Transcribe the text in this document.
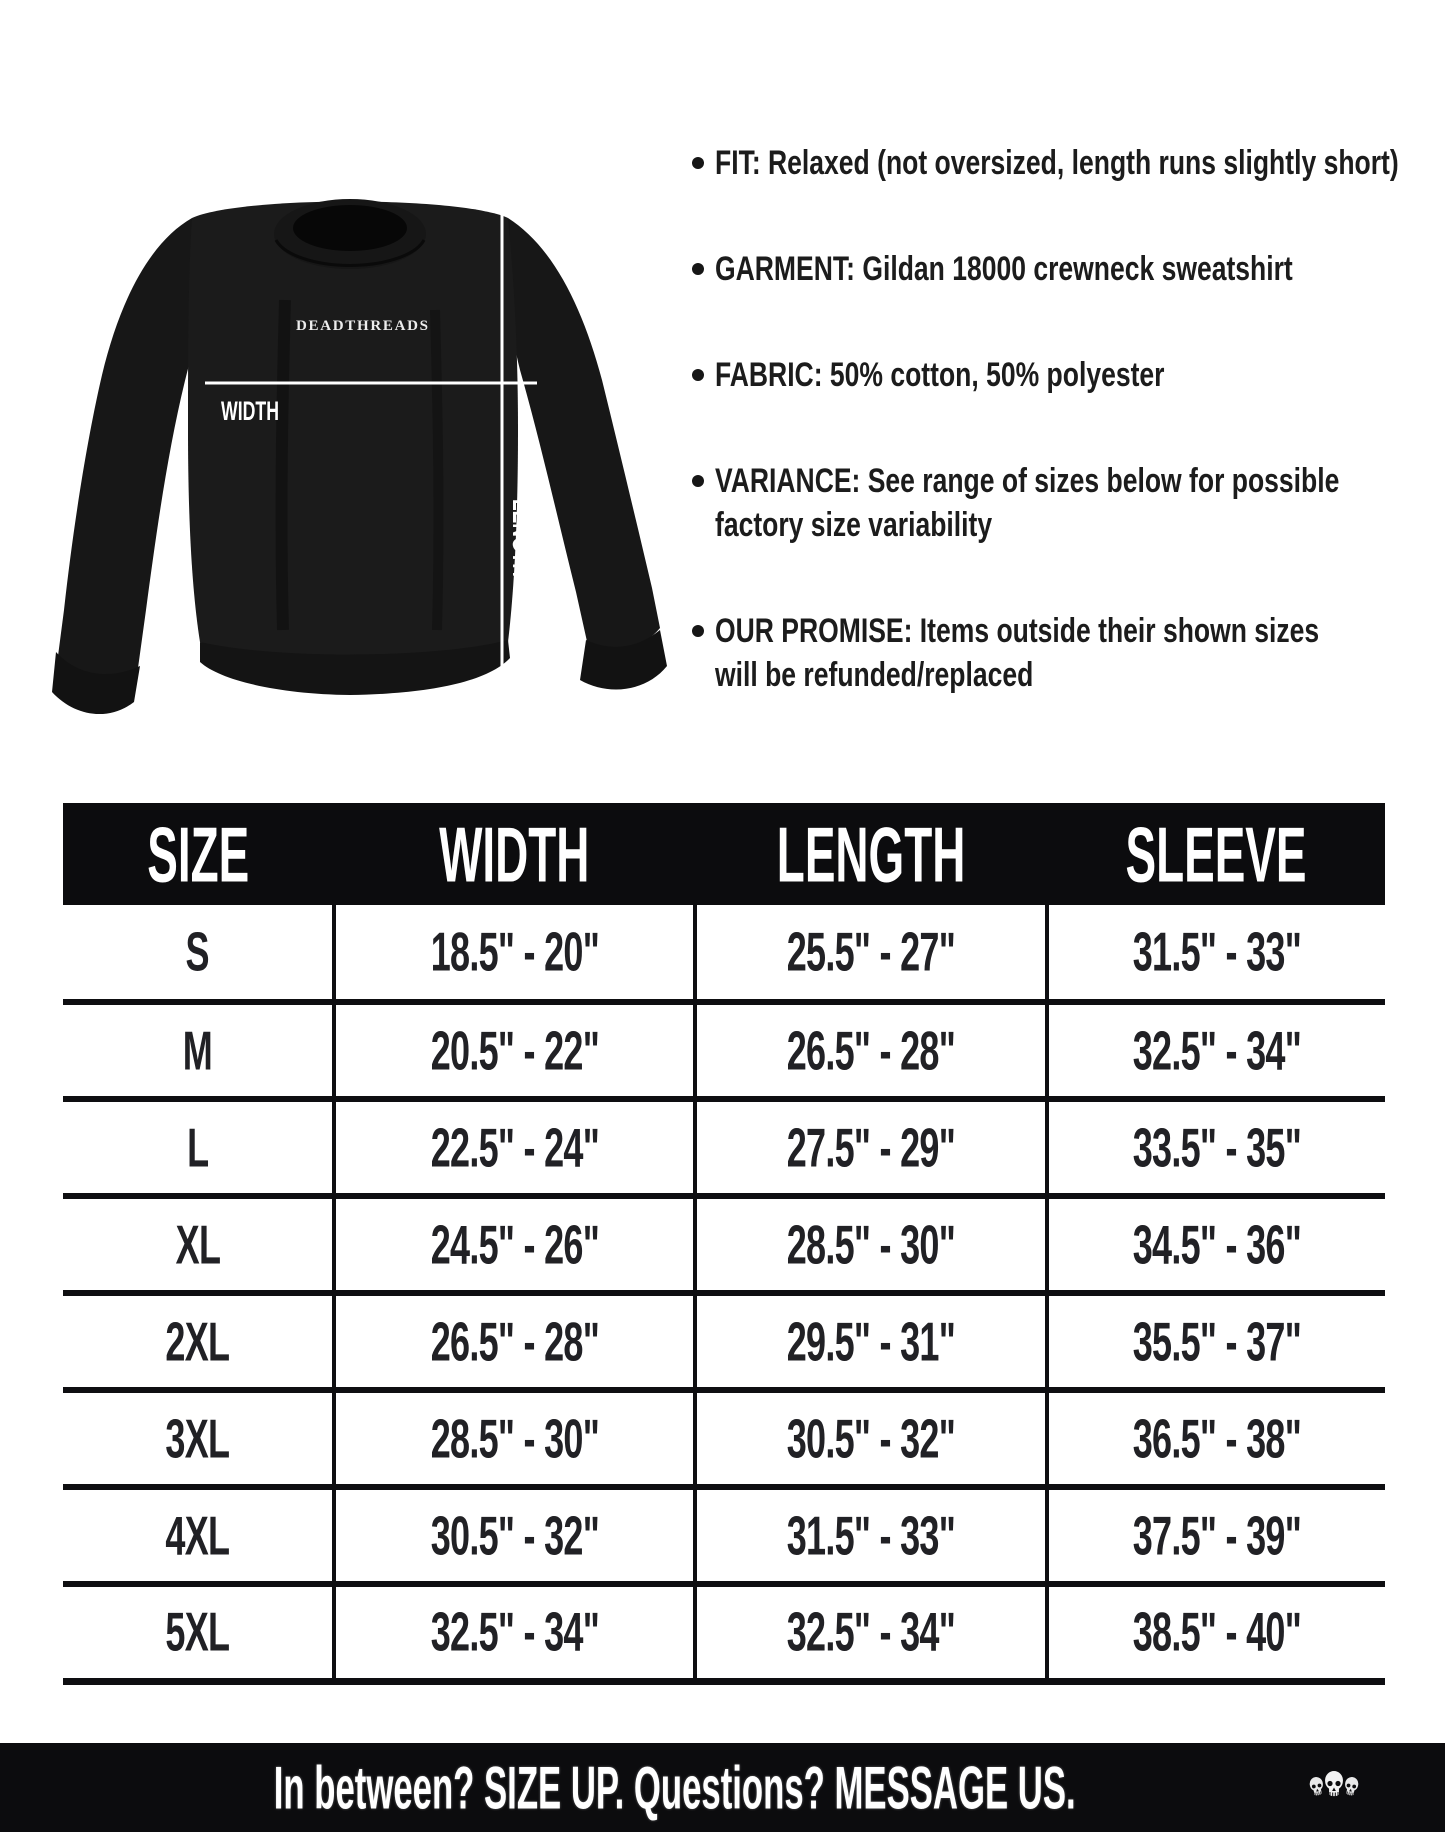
DEADTHREADS
WIDTH
LENGTH
FIT: Relaxed (not oversized, length runs slightly short)
GARMENT: Gildan 18000 crewneck sweatshirt
FABRIC: 50% cotton, 50% polyester
VARIANCE: See range of sizes below for possible
factory size variability
OUR PROMISE: Items outside their shown sizes
will be refunded/replaced
SIZE	WIDTH	LENGTH	SLEEVE
S	18.5" - 20"	25.5" - 27"	31.5" - 33"
M	20.5" - 22"	26.5" - 28"	32.5" - 34"
L	22.5" - 24"	27.5" - 29"	33.5" - 35"
XL	24.5" - 26"	28.5" - 30"	34.5" - 36"
2XL	26.5" - 28"	29.5" - 31"	35.5" - 37"
3XL	28.5" - 30"	30.5" - 32"	36.5" - 38"
4XL	30.5" - 32"	31.5" - 33"	37.5" - 39"
5XL	32.5" - 34"	32.5" - 34"	38.5" - 40"
In between? SIZE UP. Questions? MESSAGE US.
